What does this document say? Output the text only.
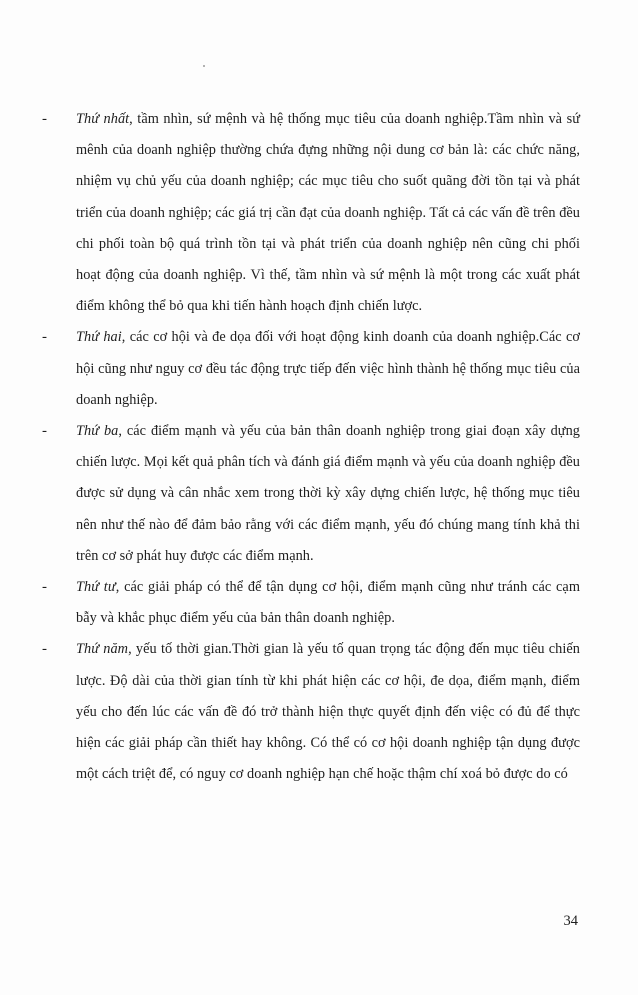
-	Thứ nhất, tầm nhìn, sứ mệnh và hệ thống mục tiêu của doanh nghiệp.Tầm nhìn và sứ mênh của doanh nghiệp thường chứa đựng những nội dung cơ bản là: các chức năng, nhiệm vụ chủ yếu của doanh nghiệp; các mục tiêu cho suốt quãng đời tồn tại và phát triển của doanh nghiệp; các giá trị cần đạt của doanh nghiệp. Tất cả các vấn đề trên đều chi phối toàn bộ quá trình tồn tại và phát triển của doanh nghiệp nên cũng chi phối hoạt động của doanh nghiệp. Vì thế, tầm nhìn và sứ mệnh là một trong các xuất phát điểm không thể bỏ qua khi tiến hành hoạch định chiến lược.

-	Thứ hai, các cơ hội và đe dọa đối với hoạt động kinh doanh của doanh nghiệp.Các cơ hội cũng như nguy cơ đều tác động trực tiếp đến việc hình thành hệ thống mục tiêu của doanh nghiệp.

-	Thứ ba, các điểm mạnh và yếu của bản thân doanh nghiệp trong giai đoạn xây dựng chiến lược. Mọi kết quả phân tích và đánh giá điểm mạnh và yếu của doanh nghiệp đều được sử dụng và cân nhắc xem trong thời kỳ xây dựng chiến lược, hệ thống mục tiêu nên như thế nào để đảm bảo rằng với các điểm mạnh, yếu đó chúng mang tính khả thi trên cơ sở phát huy được các điểm mạnh.

-	Thứ tư, các giải pháp có thể để tận dụng cơ hội, điểm mạnh cũng như tránh các cạm bẫy và khắc phục điểm yếu của bản thân doanh nghiệp.

-	Thứ năm, yếu tố thời gian.Thời gian là yếu tố quan trọng tác động đến mục tiêu chiến lược. Độ dài của thời gian tính từ khi phát hiện các cơ hội, đe dọa, điểm mạnh, điểm yếu cho đến lúc các vấn đề đó trở thành hiện thực quyết định đến việc có đủ để thực hiện các giải pháp cần thiết hay không. Có thể có cơ hội doanh nghiệp tận dụng được một cách triệt để, có nguy cơ doanh nghiệp hạn chế hoặc thậm chí xoá bỏ được do có

34
